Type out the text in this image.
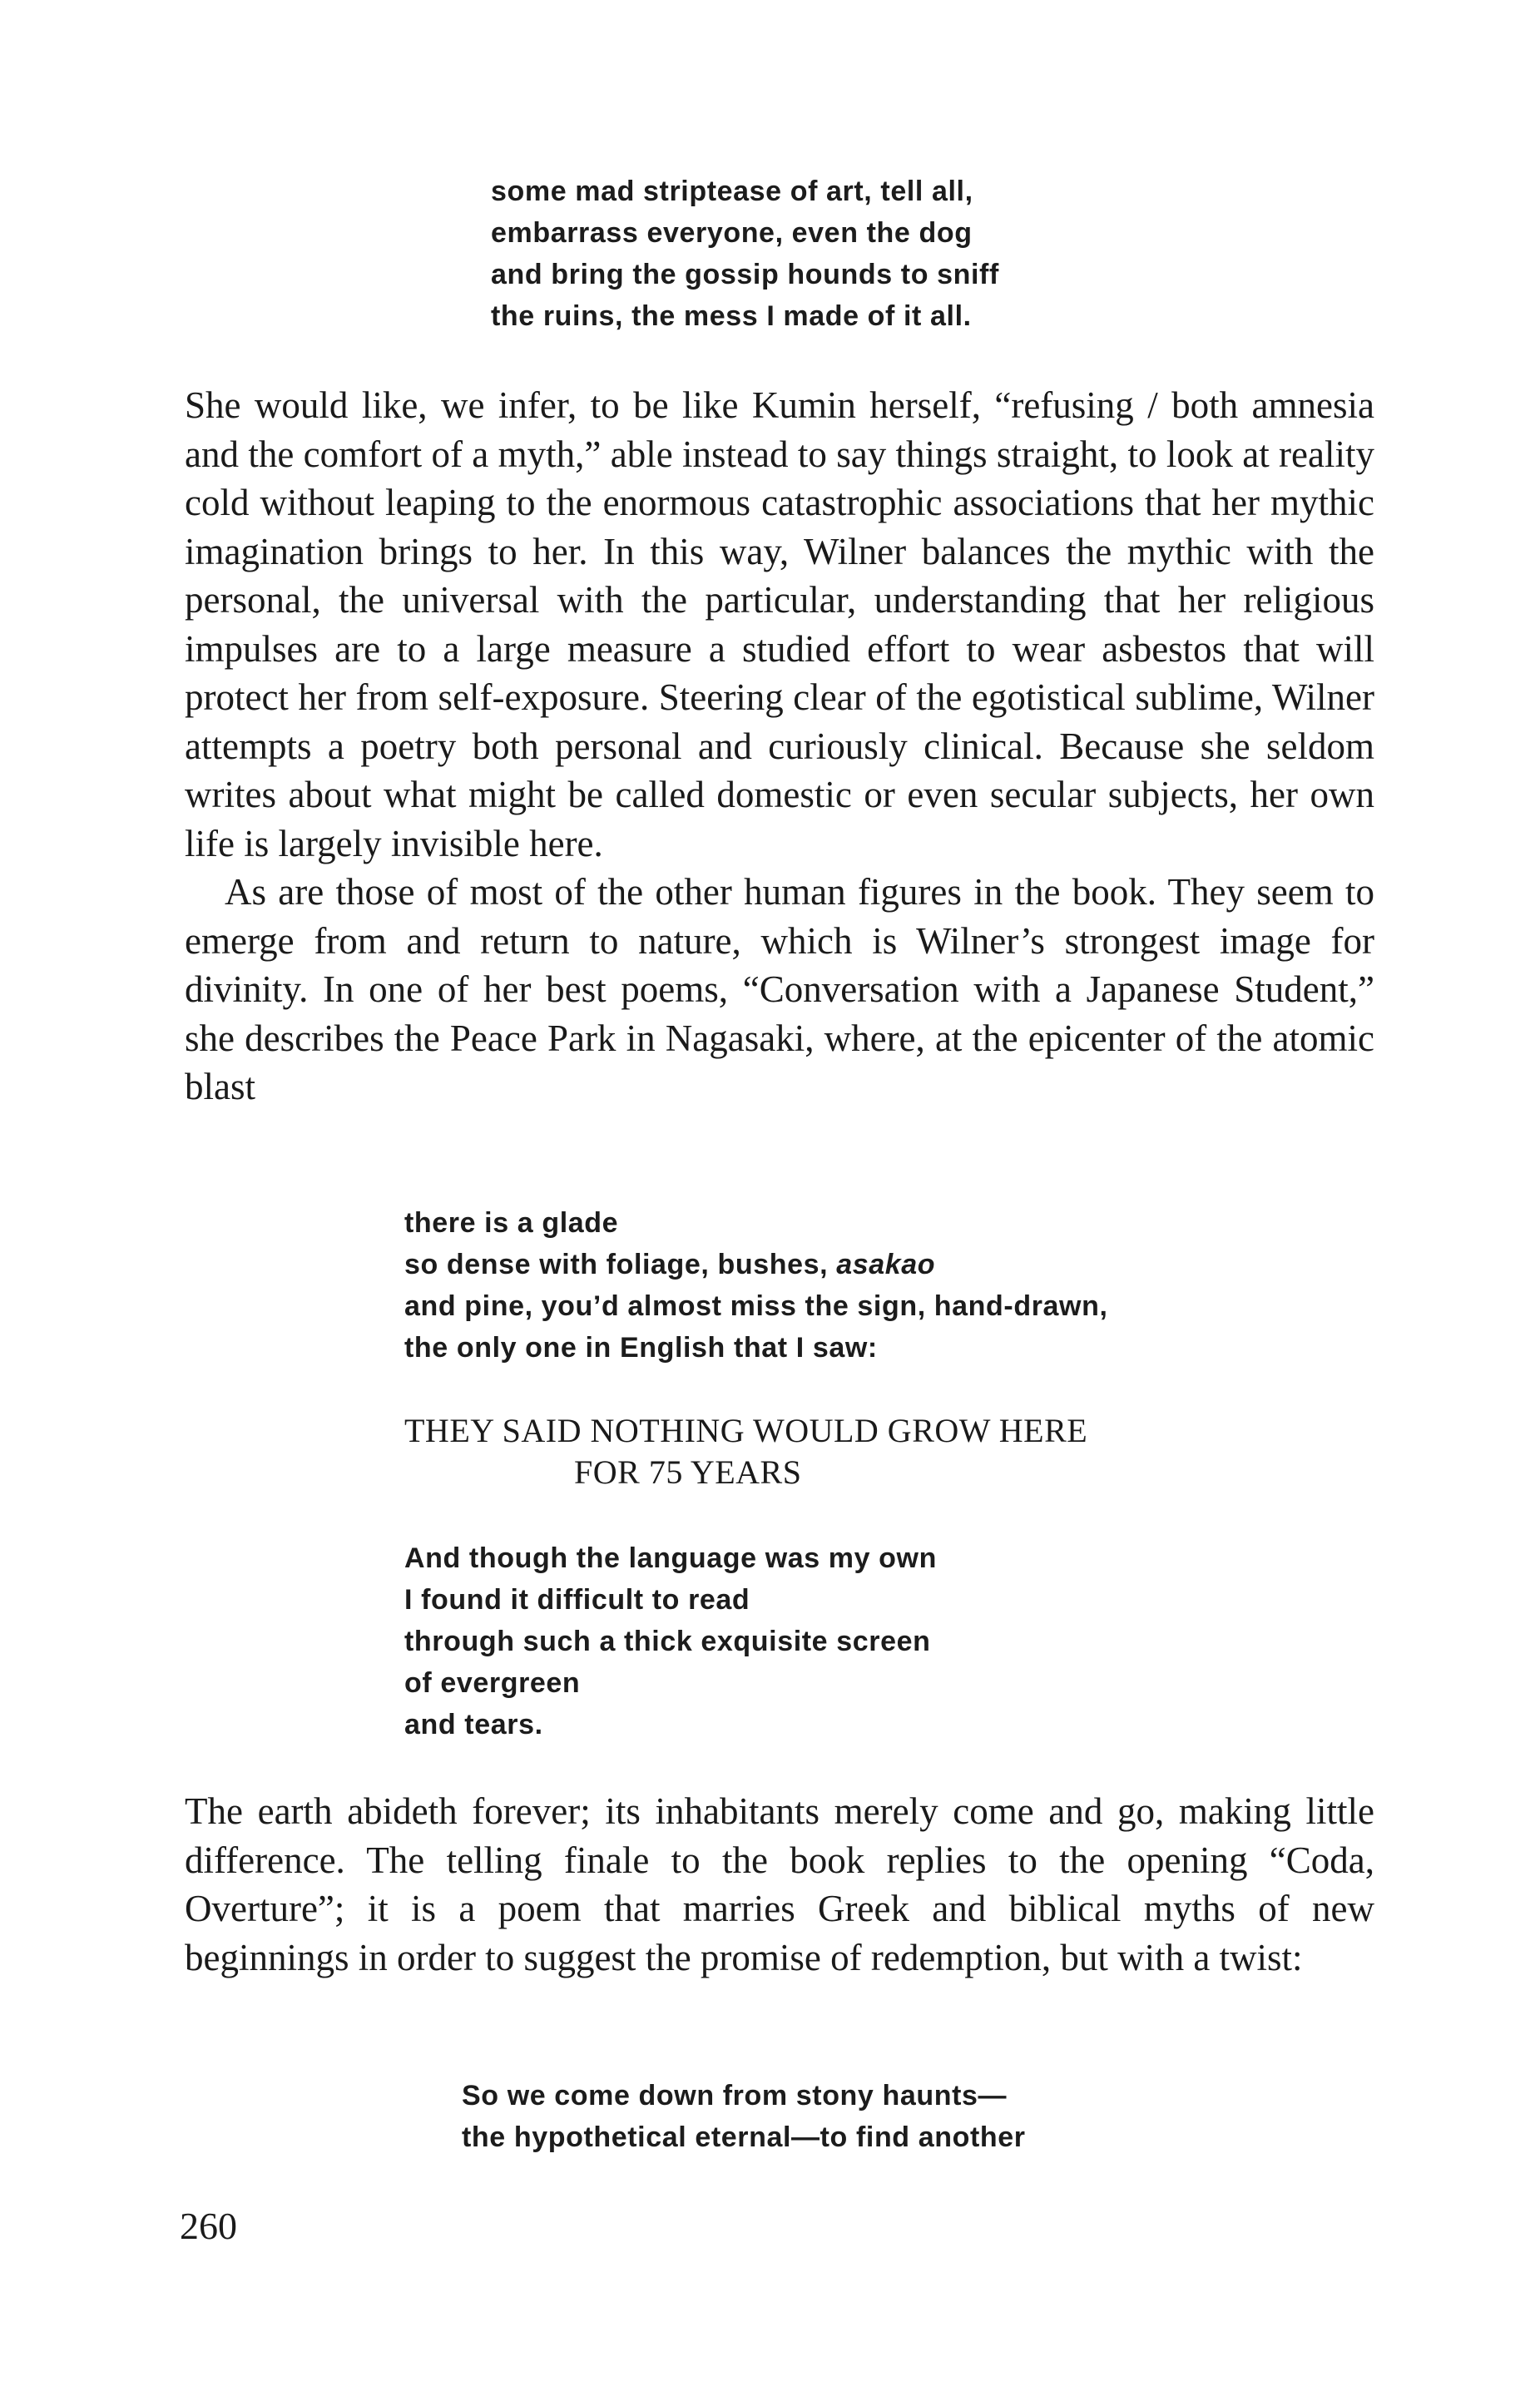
some mad striptease of art, tell all,
embarrass everyone, even the dog
and bring the gossip hounds to sniff
the ruins, the mess I made of it all.

She would like, we infer, to be like Kumin herself, “refusing / both amnesia and the comfort of a myth,” able instead to say things straight, to look at reality cold without leaping to the enormous catastrophic associations that her mythic imagination brings to her. In this way, Wilner balances the mythic with the personal, the universal with the particular, understanding that her religious impulses are to a large measure a studied effort to wear asbestos that will protect her from self-exposure. Steering clear of the egotistical sublime, Wilner attempts a poetry both personal and curiously clinical. Because she seldom writes about what might be called domestic or even secular subjects, her own life is largely invisible here.

As are those of most of the other human figures in the book. They seem to emerge from and return to nature, which is Wilner’s strongest image for divinity. In one of her best poems, “Conversation with a Japanese Student,” she describes the Peace Park in Nagasaki, where, at the epicenter of the atomic blast

there is a glade
so dense with foliage, bushes, asakao
and pine, you’d almost miss the sign, hand-drawn,
the only one in English that I saw:
THEY SAID NOTHING WOULD GROW HERE
FOR 75 YEARS
And though the language was my own
I found it difficult to read
through such a thick exquisite screen
of evergreen
and tears.

The earth abideth forever; its inhabitants merely come and go, making little difference. The telling finale to the book replies to the opening “Coda, Overture”; it is a poem that marries Greek and biblical myths of new beginnings in order to suggest the promise of redemption, but with a twist:

So we come down from stony haunts—
the hypothetical eternal—to find another
260
